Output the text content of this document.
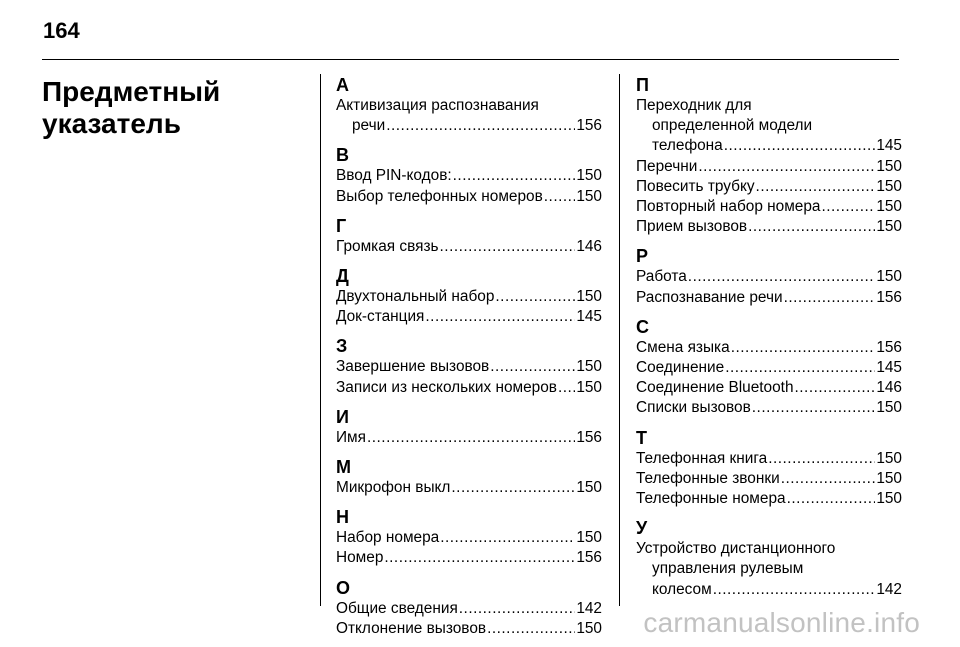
164
Предметный
указатель
А
Активизация распознавания
речи .....	156
В
Ввод PIN-кодов: .....	150
Выбор телефонных номеров ..... 150
Г
Громкая связь .....	146
Д
Двухтональный набор .....	150
Док-станция .....	145
З
Завершение вызовов .....	150
Записи из нескольких номеров ..... 150
И
Имя .....	156
М
Микрофон выкл .....	150
Н
Набор номера .....	150
Номер .....	156
О
Общие сведения .....	142
Отклонение вызовов .....	150
П
Переходник для
определенной модели
телефона .....	145
Перечни .....	150
Повесить трубку .....	150
Повторный набор номера .....	150
Прием вызовов .....	150
Р
Работа .....	150
Распознавание речи .....	156
С
Смена языка .....	156
Соединение .....	145
Соединение Bluetooth .....	146
Списки вызовов .....	150
Т
Телефонная книга .....	150
Телефонные звонки .....	150
Телефонные номера .....	150
У
Устройство дистанционного
управления рулевым
колесом .....	142
carmanualsonline.info
